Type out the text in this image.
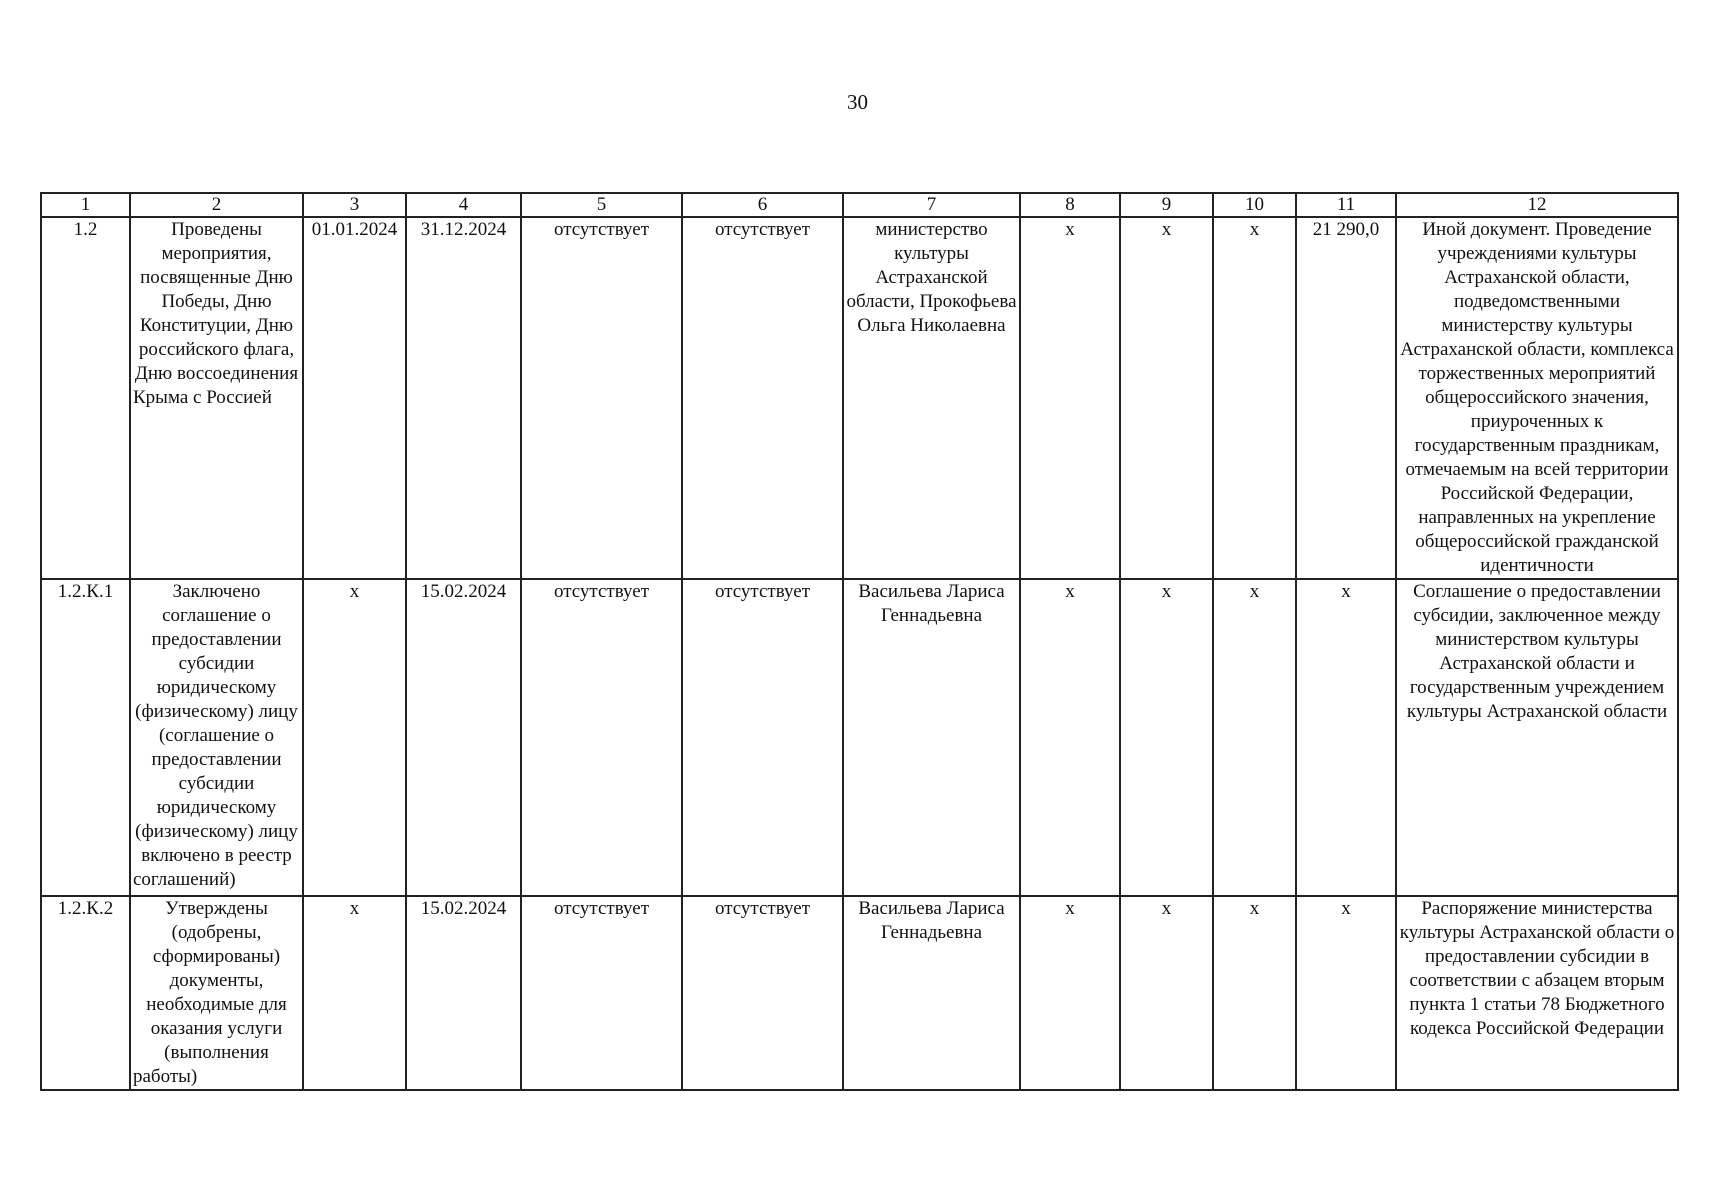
30
1	2	3	4	5	6	7	8	9	10	11	12
1.2	Проведены мероприятия, посвященные Дню Победы, Дню Конституции, Дню российского флага, Дню воссоединения Крыма с Россией	01.01.2024	31.12.2024	отсутствует	отсутствует	министерство культуры Астраханской области, Прокофьева Ольга Николаевна	x	x	x	21 290,0	Иной документ. Проведение учреждениями культуры Астраханской области, подведомственными министерству культуры Астраханской области, комплекса торжественных мероприятий общероссийского значения, приуроченных к государственным праздникам, отмечаемым на всей территории Российской Федерации, направленных на укрепление общероссийской гражданской идентичности
1.2.К.1	Заключено соглашение о предоставлении субсидии юридическому (физическому) лицу (соглашение о предоставлении субсидии юридическому (физическому) лицу включено в реестр соглашений)	x	15.02.2024	отсутствует	отсутствует	Васильева Лариса Геннадьевна	x	x	x	x	Соглашение о предоставлении субсидии, заключенное между министерством культуры Астраханской области и государственным учреждением культуры Астраханской области
1.2.К.2	Утверждены (одобрены, сформированы) документы, необходимые для оказания услуги (выполнения работы)	x	15.02.2024	отсутствует	отсутствует	Васильева Лариса Геннадьевна	x	x	x	x	Распоряжение министерства культуры Астраханской области о предоставлении субсидии в соответствии с абзацем вторым пункта 1 статьи 78 Бюджетного кодекса Российской Федерации
